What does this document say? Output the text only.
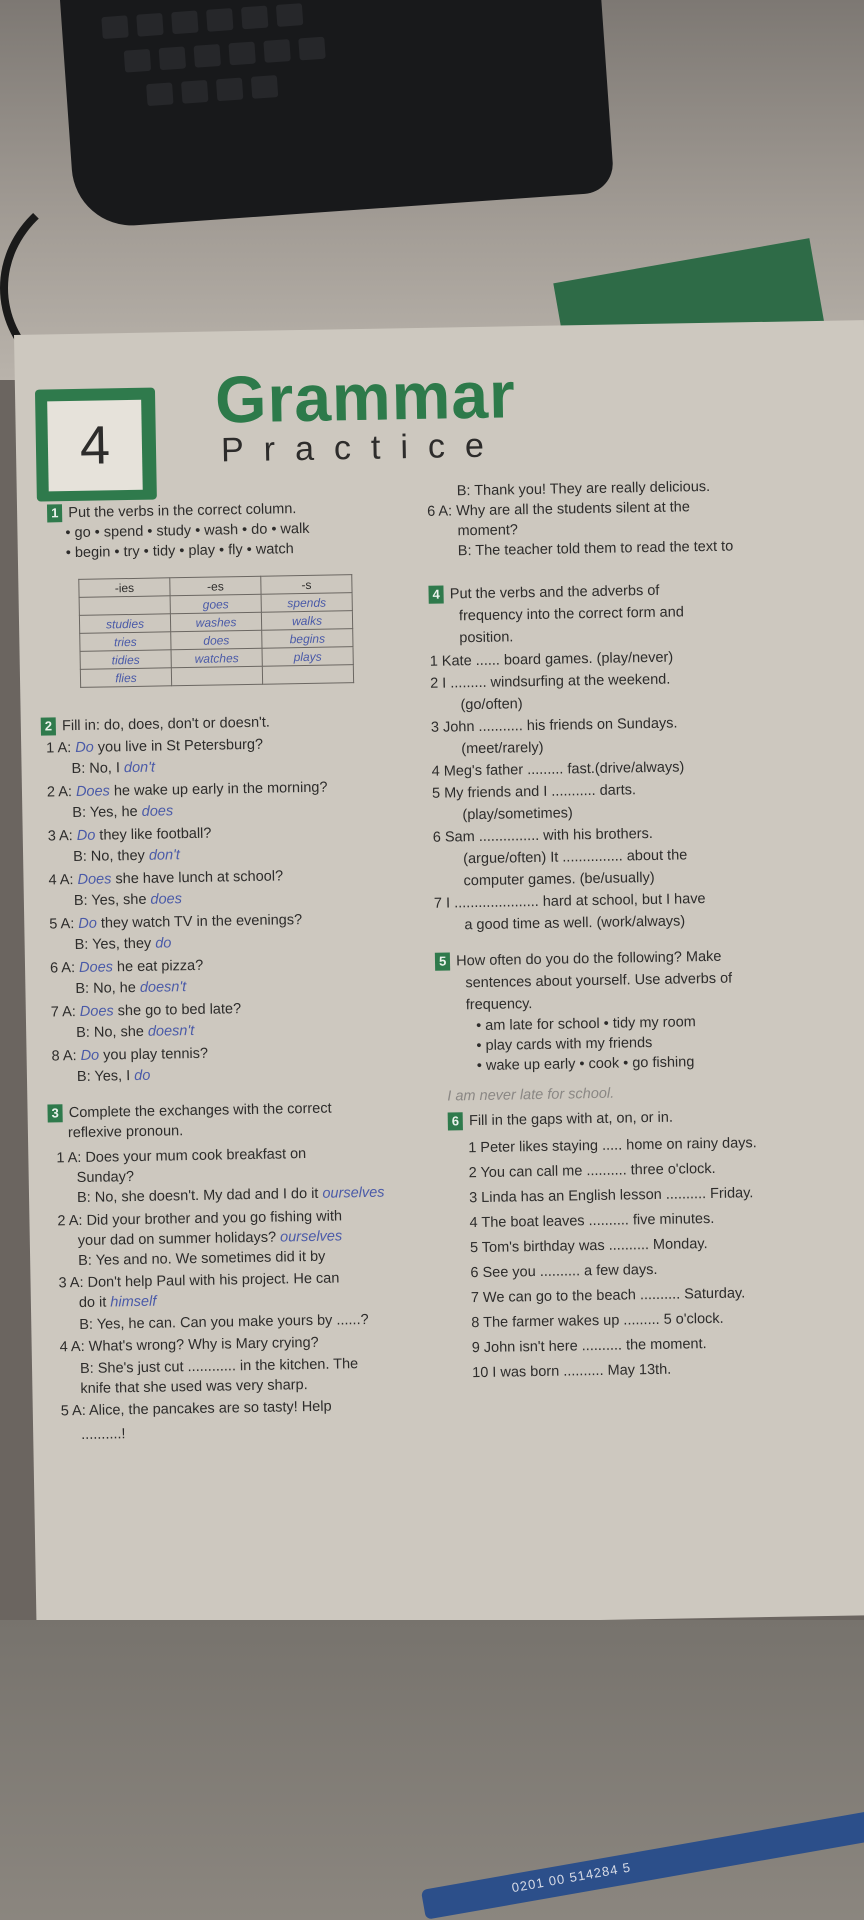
4
Grammar
Practice
1 Put the verbs in the correct column.
• go • spend • study • wash • do • walk
• begin • try • tidy • play • fly • watch
-ies	-es	-s
	goes	spends
studies	washes	walks
tries	does	begins
tidies	watches	plays
flies		
2 Fill in: do, does, don't or doesn't.
1 A: Do you live in St Petersburg?
B: No, I don't
2 A: Does he wake up early in the morning?
B: Yes, he does
3 A: Do they like football?
B: No, they don't
4 A: Does she have lunch at school?
B: Yes, she does
5 A: Do they watch TV in the evenings?
B: Yes, they do
6 A: Does he eat pizza?
B: No, he doesn't
7 A: Does she go to bed late?
B: No, she doesn't
8 A: Do you play tennis?
B: Yes, I do
3 Complete the exchanges with the correct
reflexive pronoun.
1 A: Does your mum cook breakfast on
Sunday?
B: No, she doesn't. My dad and I do it ourselves
2 A: Did your brother and you go fishing with
your dad on summer holidays? ourselves
B: Yes and no. We sometimes did it by
3 A: Don't help Paul with his project. He can
do it himself
B: Yes, he can. Can you make yours by ......?
4 A: What's wrong? Why is Mary crying?
B: She's just cut ............ in the kitchen. The
knife that she used was very sharp.
5 A: Alice, the pancakes are so tasty! Help
..........!
B: Thank you! They are really delicious.
6 A: Why are all the students silent at the
moment?
B: The teacher told them to read the text to
4 Put the verbs and the adverbs of
frequency into the correct form and
position.
1 Kate ...... board games. (play/never)
2 I ......... windsurfing at the weekend.
(go/often)
3 John ........... his friends on Sundays.
(meet/rarely)
4 Meg's father ......... fast.(drive/always)
5 My friends and I ........... darts.
(play/sometimes)
6 Sam ............... with his brothers.
(argue/often) It ............... about the
computer games. (be/usually)
7 I ..................... hard at school, but I have
a good time as well. (work/always)
5 How often do you do the following? Make
sentences about yourself. Use adverbs of
frequency.
• am late for school • tidy my room
• play cards with my friends
• wake up early • cook • go fishing
I am never late for school.
6 Fill in the gaps with at, on, or in.
1 Peter likes staying ..... home on rainy days.
2 You can call me .......... three o'clock.
3 Linda has an English lesson .......... Friday.
4 The boat leaves .......... five minutes.
5 Tom's birthday was .......... Monday.
6 See you .......... a few days.
7 We can go to the beach .......... Saturday.
8 The farmer wakes up ......... 5 o'clock.
9 John isn't here .......... the moment.
10 I was born .......... May 13th.
0201 00 514284 5
